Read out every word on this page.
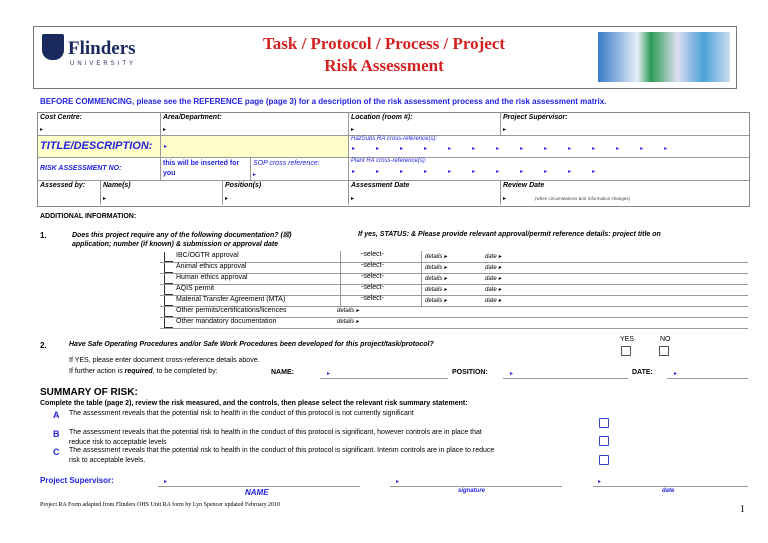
Flinders
UNIVERSITY
Task / Protocol / Process / Project
Risk Assessment
BEFORE COMMENCING, please see the REFERENCE page (page 3) for a description of the risk assessment process and the risk assessment matrix.
Cost Centre:
▸
Area/Department:
▸
Location (room #):
▸
Project Supervisor:
▸
TITLE/DESCRIPTION: ▸
HazSubs RA cross-reference(s):
▸	▸	▸	▸	▸	▸	▸	▸	▸	▸	▸	▸	▸	▸
RISK ASSESSMENT NO:
this will be inserted for you
SOP cross reference:
▸
Plant RA cross-reference(s):
▸	▸	▸	▸	▸	▸	▸	▸	▸	▸	▸
Assessed by:	Name(s)
▸
Position(s)
▸
Assessment Date
▸
Review Date
▸	(when circumstances &/or information changes)
ADDITIONAL INFORMATION:
1.	Does this project require any of the following documentation? (☒)	If yes, STATUS: & Please provide relevant approval/permit reference details: project title on
application; number (if known) & submission or approval date
IBC/OGTR approval	-select-	details ▸	date ▸
Animal ethics approval	-select-	details ▸	date ▸
Human ethics approval	-select-	details ▸	date ▸
AQIS permit	-select-	details ▸	date ▸
Material Transfer Agreement (MTA)	-select-	details ▸	date ▸
Other permits/certifications/licences	details ▸
Other mandatory documentation	details ▸
2.	Have Safe Operating Procedures and/or Safe Work Procedures been developed for this project/task/protocol?
YES	NO
If YES, please enter document cross-reference details above.
If further action is required, to be completed by:	NAME:	▸	POSITION:	▸	DATE:	▸
SUMMARY OF RISK:
Complete the table (page 2), review the risk measured, and the controls, then please select the relevant risk summary statement:
A The assessment reveals that the potential risk to health in the conduct of this protocol is not currently significant
B The assessment reveals that the potential risk to health in the conduct of this protocol is significant, however controls are in place that
reduce risk to acceptable levels
C The assessment reveals that the potential risk to health in the conduct of this protocol is significant. Interim controls are in place to reduce
risk to acceptable levels.
Project Supervisor:	▸	▸	▸
NAME	signature	date
Project RA Form adapted from Flinders OHS Unit RA form by Lyn Spencer updated February 2010	1
